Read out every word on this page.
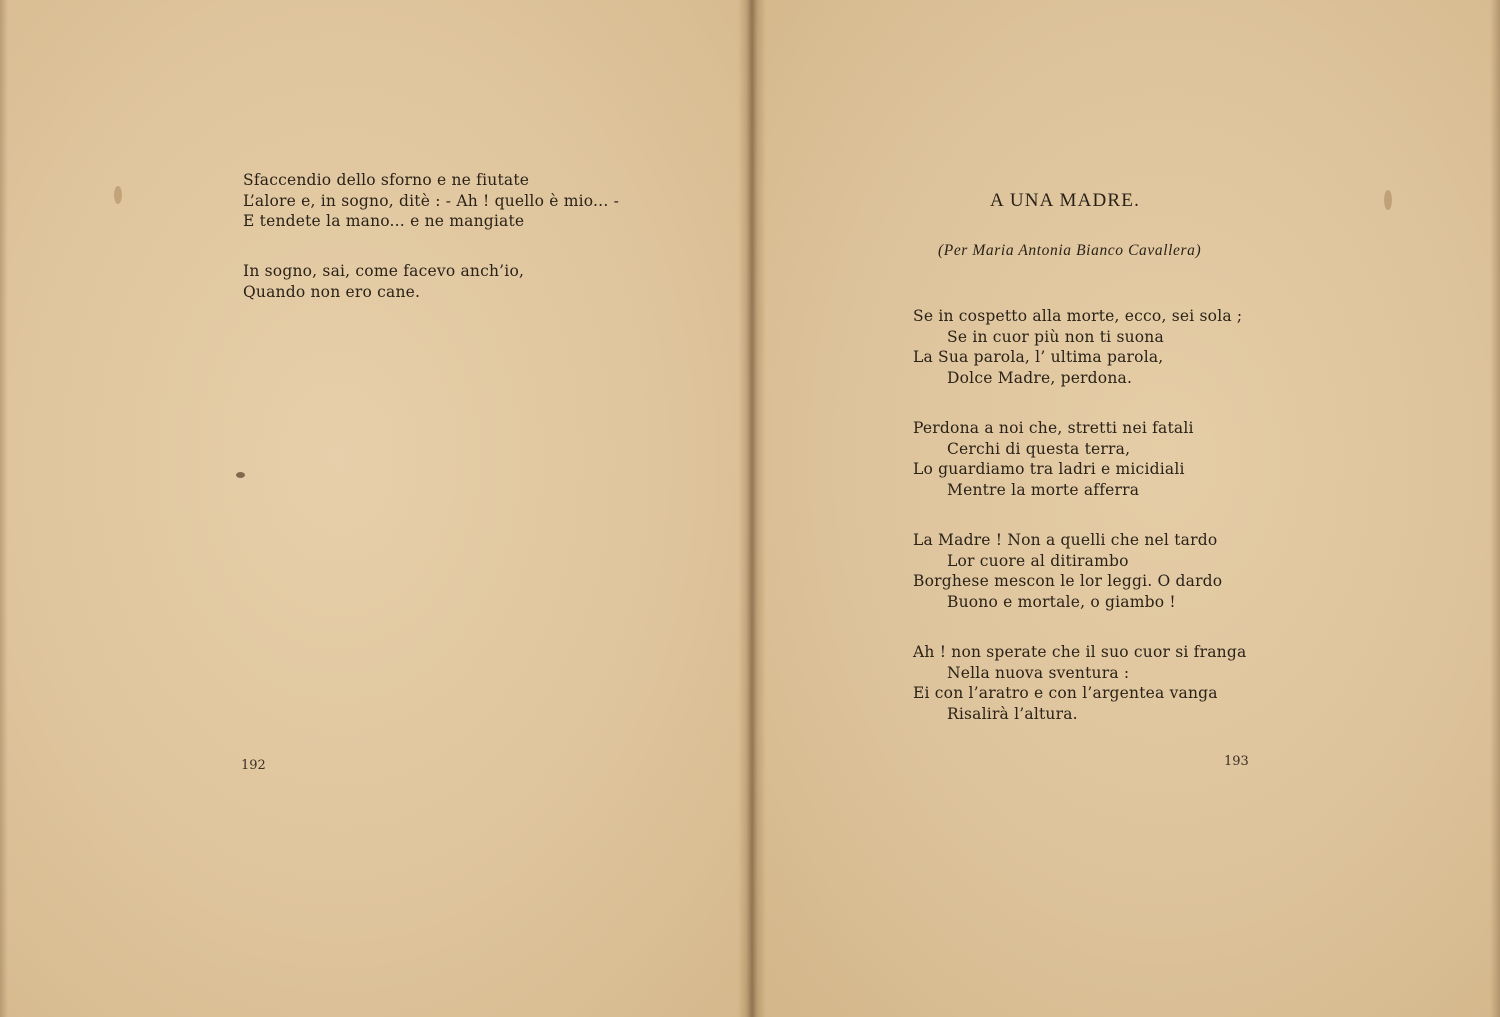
Sfaccendio dello sforno e ne fiutate
L’alore e, in sogno, ditè : - Ah ! quello è mio... -
E tendete la mano... e ne mangiate
In sogno, sai, come facevo anch’io,
Quando non ero cane.
192
A UNA MADRE.
(Per Maria Antonia Bianco Cavallera)
Se in cospetto alla morte, ecco, sei sola ;
Se in cuor più non ti suona
La Sua parola, l’ ultima parola,
Dolce Madre, perdona.
Perdona a noi che, stretti nei fatali
Cerchi di questa terra,
Lo guardiamo tra ladri e micidiali
Mentre la morte afferra
La Madre ! Non a quelli che nel tardo
Lor cuore al ditirambo
Borghese mescon le lor leggi. O dardo
Buono e mortale, o giambo !
Ah ! non sperate che il suo cuor si franga
Nella nuova sventura :
Ei con l’aratro e con l’argentea vanga
Risalirà l’altura.
193
